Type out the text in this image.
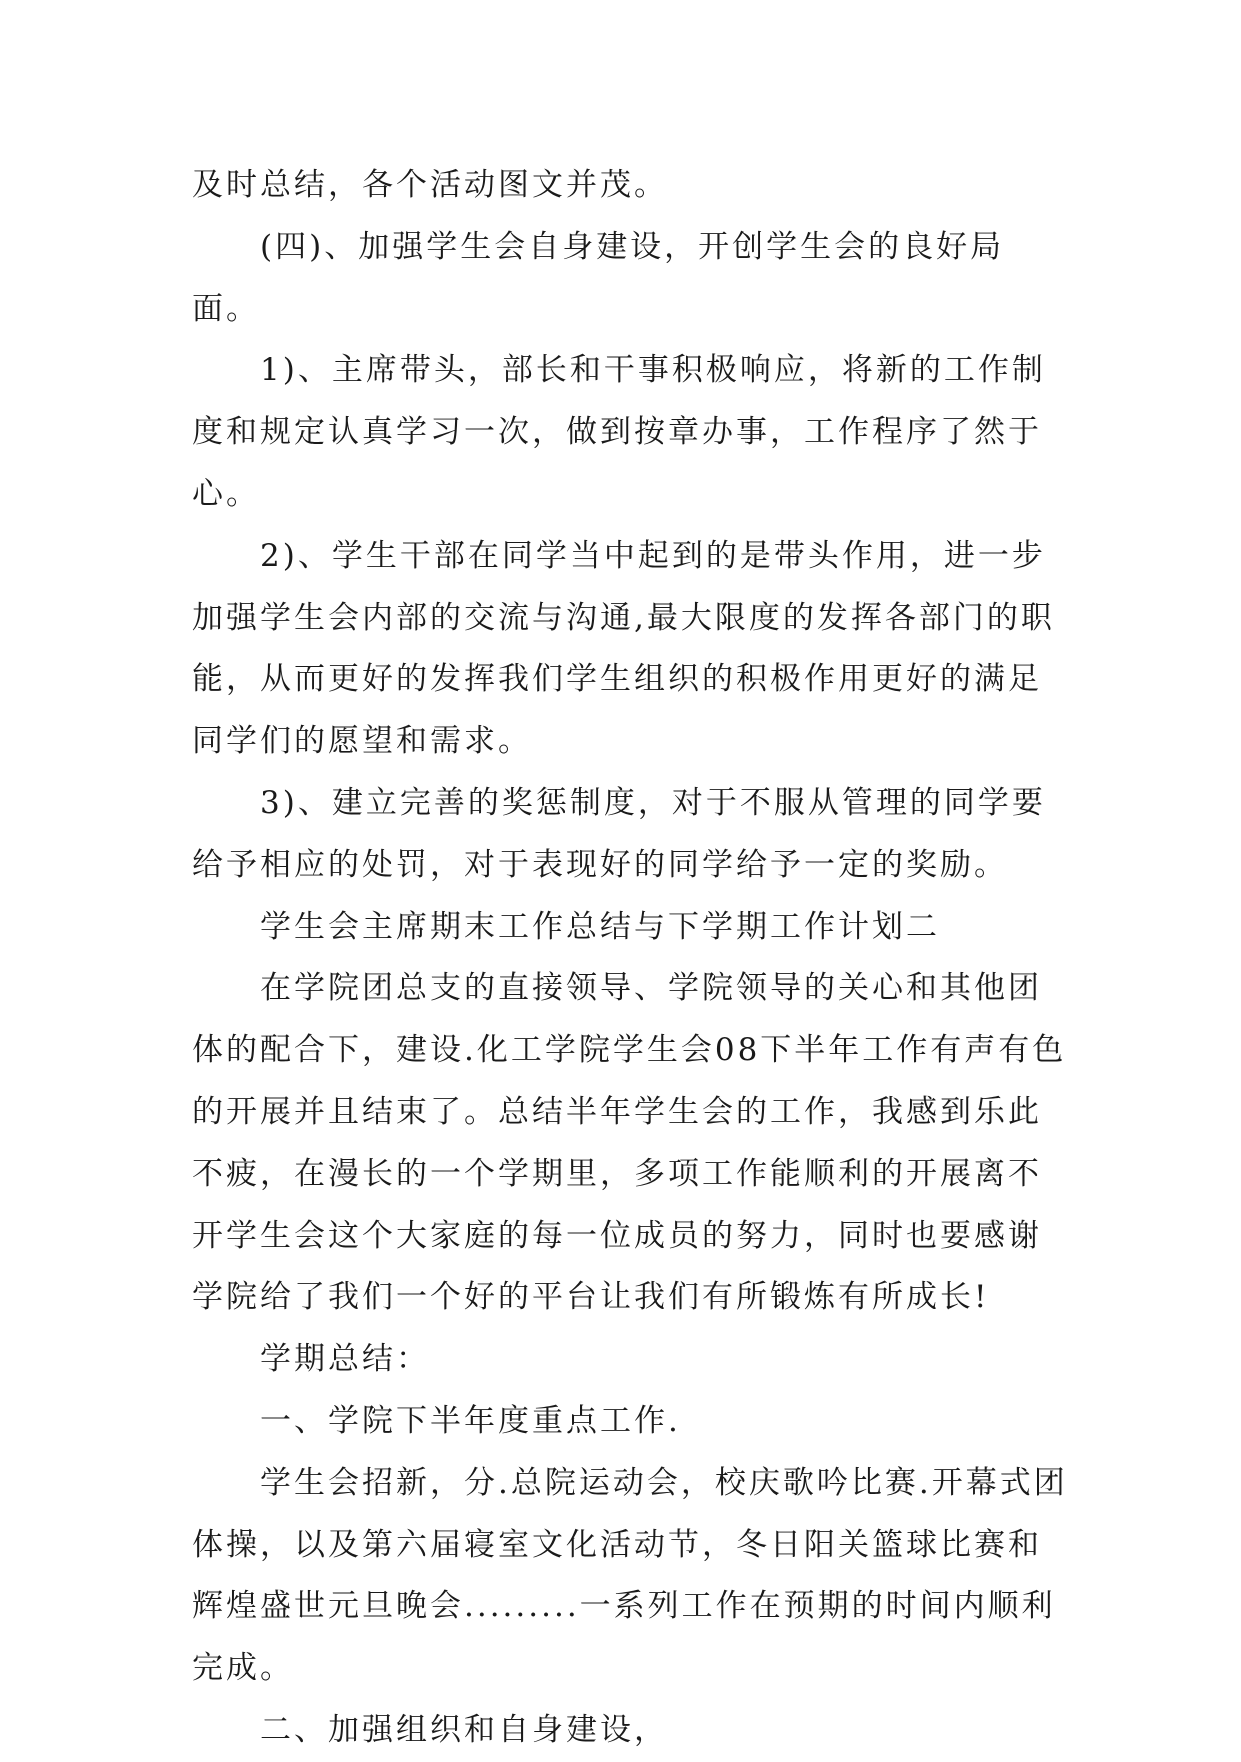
及时总结，各个活动图文并茂。

(四)、加强学生会自身建设，开创学生会的良好局面。

1)、主席带头，部长和干事积极响应，将新的工作制度和规定认真学习一次，做到按章办事，工作程序了然于心。

2)、学生干部在同学当中起到的是带头作用，进一步加强学生会内部的交流与沟通,最大限度的发挥各部门的职能，从而更好的发挥我们学生组织的积极作用更好的满足同学们的愿望和需求。

3)、建立完善的奖惩制度，对于不服从管理的同学要给予相应的处罚，对于表现好的同学给予一定的奖励。

学生会主席期末工作总结与下学期工作计划二

在学院团总支的直接领导、学院领导的关心和其他团体的配合下，建设.化工学院学生会08下半年工作有声有色的开展并且结束了。总结半年学生会的工作，我感到乐此不疲，在漫长的一个学期里，多项工作能顺利的开展离不开学生会这个大家庭的每一位成员的努力，同时也要感谢学院给了我们一个好的平台让我们有所锻炼有所成长!

学期总结：

一、学院下半年度重点工作.

学生会招新，分.总院运动会，校庆歌吟比赛.开幕式团体操，以及第六届寝室文化活动节，冬日阳关篮球比赛和辉煌盛世元旦晚会.........一系列工作在预期的时间内顺利完成。

二、加强组织和自身建设，
